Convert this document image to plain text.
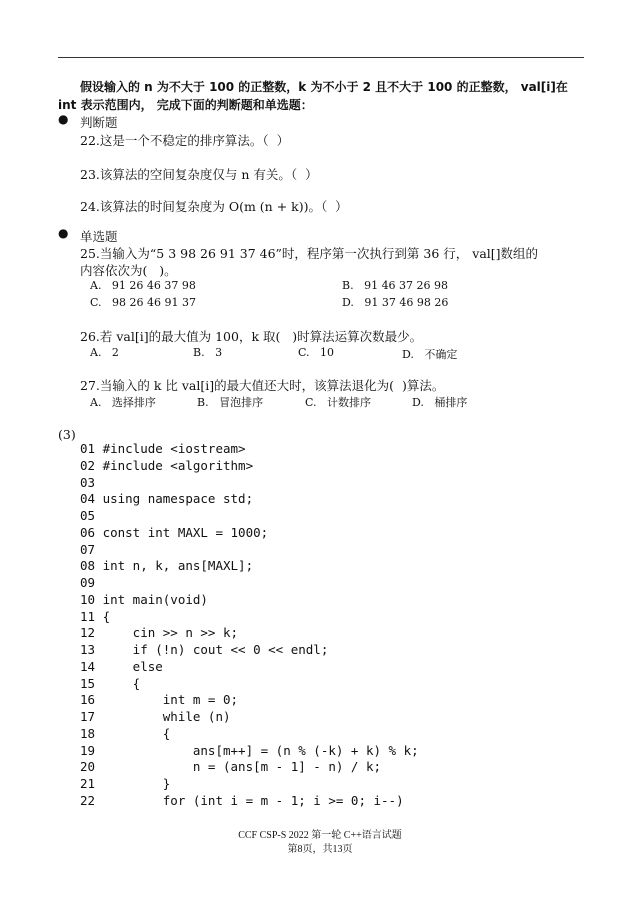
假设输入的 n 为不大于 100 的正整数，k 为不小于 2 且不大于 100 的正整数， val[i]在
int 表示范围内， 完成下面的判断题和单选题：
● 判断题
22.这是一个不稳定的排序算法。（  ）
23.该算法的空间复杂度仅与 n 有关。（  ）
24.该算法的时间复杂度为 O(m (n + k))。（  ）
● 单选题
25.当输入为“5 3 98 26 91 37 46”时，程序第一次执行到第 36 行， val[]数组的
内容依次为(   )。
A.   91 26 46 37 98	B.   91 46 37 26 98
C.   98 26 46 91 37	D.   91 37 46 98 26
26.若 val[i]的最大值为 100，k 取(   )时算法运算次数最少。
A.   2	B.   3	C.   10	D.   不确定
27.当输入的 k 比 val[i]的最大值还大时，该算法退化为(  )算法。
A.   选择排序	B.   冒泡排序	C.   计数排序	D.   桶排序
(3)
01 #include <iostream>
02 #include <algorithm>
03
04 using namespace std;
05
06 const int MAXL = 1000;
07
08 int n, k, ans[MAXL];
09
10 int main(void)
11 {
12     cin >> n >> k;
13     if (!n) cout << 0 << endl;
14     else
15     {
16         int m = 0;
17         while (n)
18         {
19             ans[m++] = (n % (-k) + k) % k;
20             n = (ans[m - 1] - n) / k;
21         }
22         for (int i = m - 1; i >= 0; i--)
CCF CSP-S 2022 第一轮 C++语言试题
第8页，共13页
